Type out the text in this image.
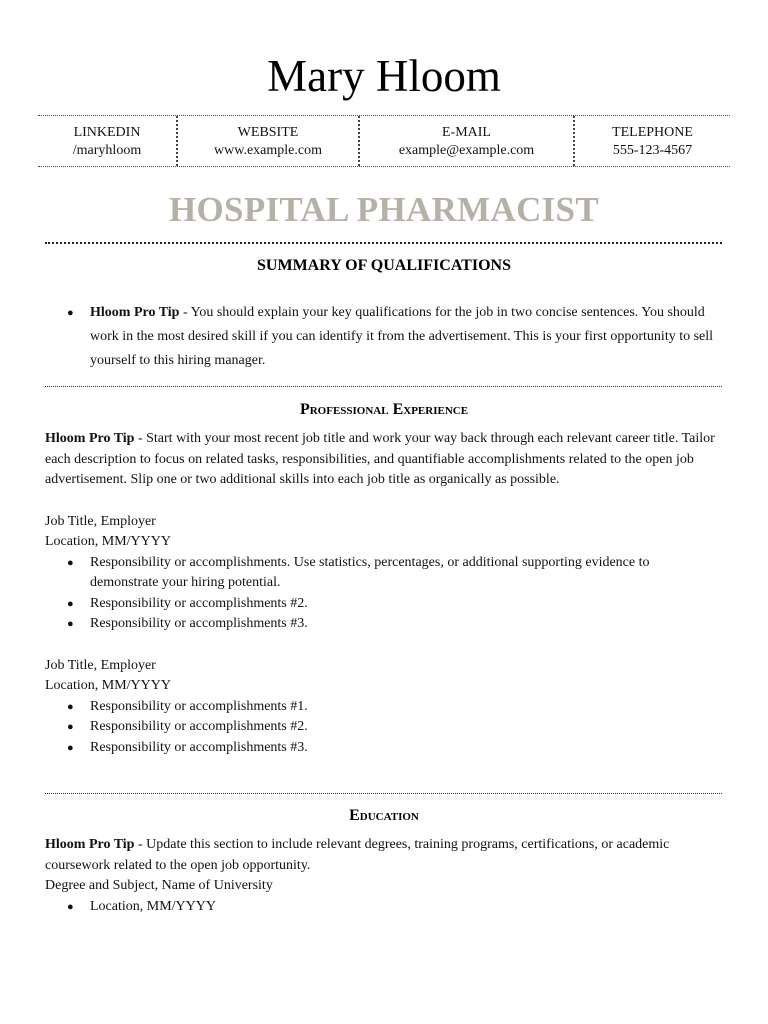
Mary Hloom
LINKEDIN
/maryhloom
WEBSITE
www.example.com
E-MAIL
example@example.com
TELEPHONE
555-123-4567
HOSPITAL PHARMACIST
SUMMARY OF QUALIFICATIONS
● Hloom Pro Tip - You should explain your key qualifications for the job in two concise sentences. You should work in the most desired skill if you can identify it from the advertisement. This is your first opportunity to sell yourself to this hiring manager.
Professional Experience
Hloom Pro Tip - Start with your most recent job title and work your way back through each relevant career title. Tailor each description to focus on related tasks, responsibilities, and quantifiable accomplishments related to the open job advertisement. Slip one or two additional skills into each job title as organically as possible.
Job Title, Employer
Location, MM/YYYY
● Responsibility or accomplishments. Use statistics, percentages, or additional supporting evidence to demonstrate your hiring potential.
● Responsibility or accomplishments #2.
● Responsibility or accomplishments #3.
Job Title, Employer
Location, MM/YYYY
● Responsibility or accomplishments #1.
● Responsibility or accomplishments #2.
● Responsibility or accomplishments #3.
Education
Hloom Pro Tip - Update this section to include relevant degrees, training programs, certifications, or academic coursework related to the open job opportunity.
Degree and Subject, Name of University
● Location, MM/YYYY
